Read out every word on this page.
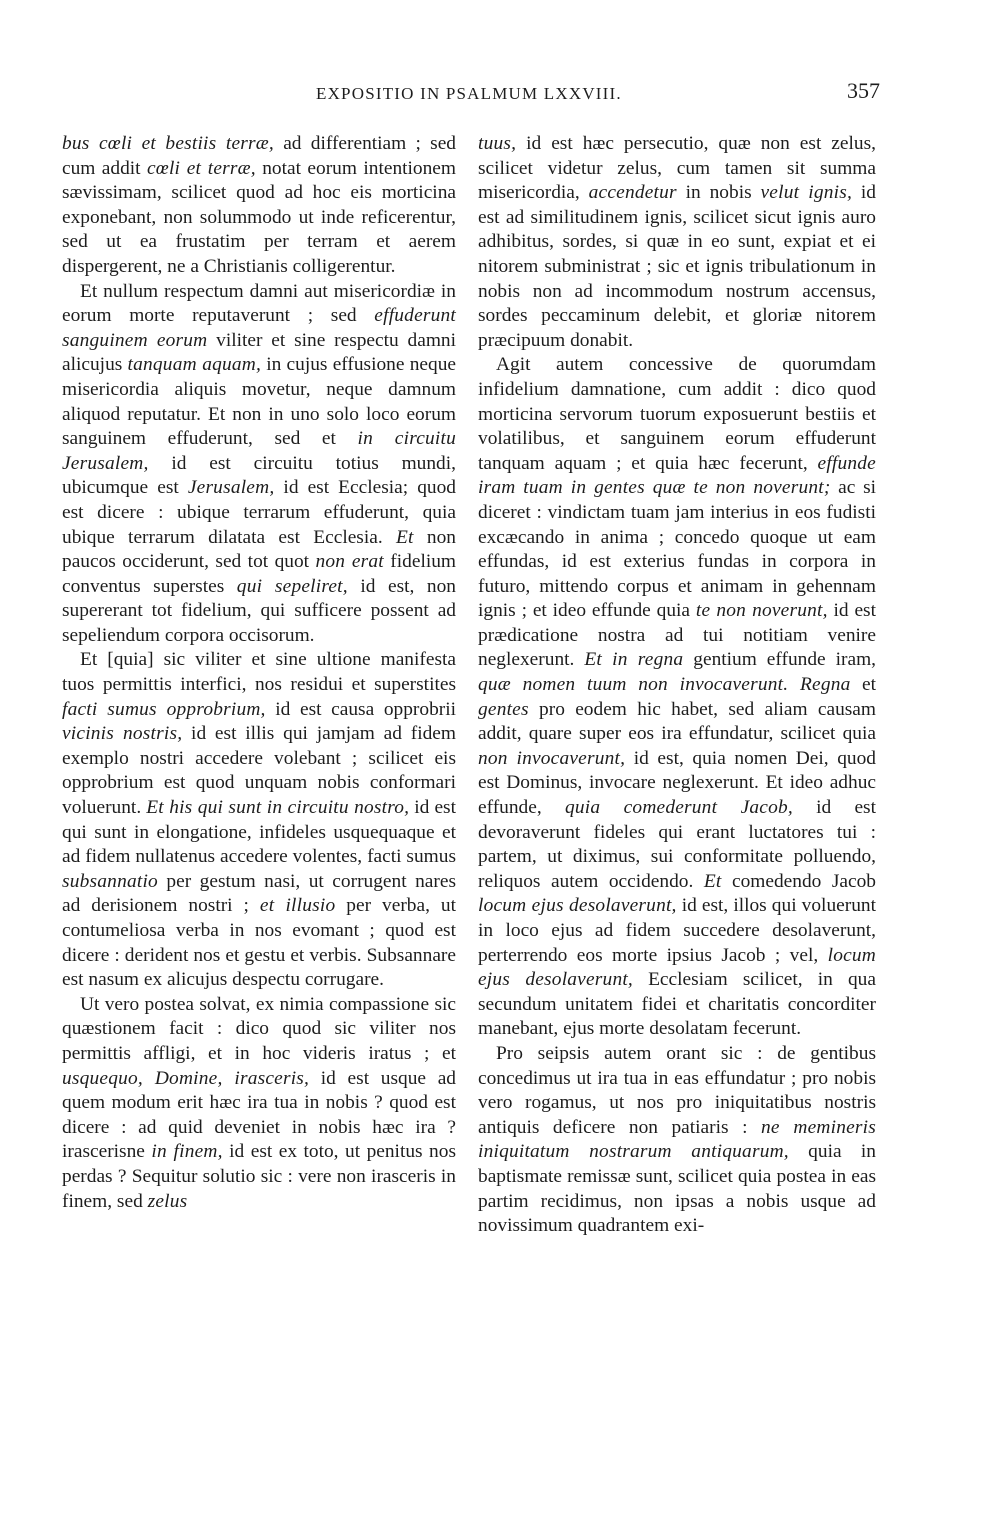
EXPOSITIO IN PSALMUM LXXVIII.	357

bus cœli et bestiis terræ, ad differentiam ; sed cum addit cœli et terræ, notat eorum intentionem sævissimam, scilicet quod ad hoc eis morticina exponebant, non solummodo ut inde reficerentur, sed ut ea frustatim per terram et aerem dispergerent, ne a Christianis colligerentur.

Et nullum respectum damni aut misericordiæ in eorum morte reputaverunt ; sed effuderunt sanguinem eorum viliter et sine respectu damni alicujus tanquam aquam, in cujus effusione neque misericordia aliquis movetur, neque damnum aliquod reputatur. Et non in uno solo loco eorum sanguinem effuderunt, sed et in circuitu Jerusalem, id est circuitu totius mundi, ubicumque est Jerusalem, id est Ecclesia; quod est dicere : ubique terrarum effuderunt, quia ubique terrarum dilatata est Ecclesia. Et non paucos occiderunt, sed tot quot non erat fidelium conventus superstes qui sepeliret, id est, non supererant tot fidelium, qui sufficere possent ad sepeliendum corpora occisorum.

Et [quia] sic viliter et sine ultione manifesta tuos permittis interfici, nos residui et superstites facti sumus opprobrium, id est causa opprobrii vicinis nostris, id est illis qui jamjam ad fidem exemplo nostri accedere volebant ; scilicet eis opprobrium est quod unquam nobis conformari voluerunt. Et his qui sunt in circuitu nostro, id est qui sunt in elongatione, infideles usquequaque et ad fidem nullatenus accedere volentes, facti sumus subsannatio per gestum nasi, ut corrugent nares ad derisionem nostri ; et illusio per verba, ut contumeliosa verba in nos evomant ; quod est dicere : derident nos et gestu et verbis. Subsannare est nasum ex alicujus despectu corrugare.

Ut vero postea solvat, ex nimia compassione sic quæstionem facit : dico quod sic viliter nos permittis affligi, et in hoc videris iratus ; et usquequo, Domine, irasceris, id est usque ad quem modum erit hæc ira tua in nobis ? quod est dicere : ad quid deveniet in nobis hæc ira ? irascerisne in finem, id est ex toto, ut penitus nos perdas ? Sequitur solutio sic : vere non irasceris in finem, sed zelus

tuus, id est hæc persecutio, quæ non est zelus, scilicet videtur zelus, cum tamen sit summa misericordia, accendetur in nobis velut ignis, id est ad similitudinem ignis, scilicet sicut ignis auro adhibitus, sordes, si quæ in eo sunt, expiat et ei nitorem subministrat ; sic et ignis tribulationum in nobis non ad incommodum nostrum accensus, sordes peccaminum delebit, et gloriæ nitorem præcipuum donabit.

Agit autem concessive de quorumdam infidelium damnatione, cum addit : dico quod morticina servorum tuorum exposuerunt bestiis et volatilibus, et sanguinem eorum effuderunt tanquam aquam ; et quia hæc fecerunt, effunde iram tuam in gentes quæ te non noverunt; ac si diceret : vindictam tuam jam interius in eos fudisti excæcando in anima ; concedo quoque ut eam effundas, id est exterius fundas in corpora in futuro, mittendo corpus et animam in gehennam ignis ; et ideo effunde quia te non noverunt, id est prædicatione nostra ad tui notitiam venire neglexerunt. Et in regna gentium effunde iram, quæ nomen tuum non invocaverunt. Regna et gentes pro eodem hic habet, sed aliam causam addit, quare super eos ira effundatur, scilicet quia non invocaverunt, id est, quia nomen Dei, quod est Dominus, invocare neglexerunt. Et ideo adhuc effunde, quia comederunt Jacob, id est devoraverunt fideles qui erant luctatores tui : partem, ut diximus, sui conformitate polluendo, reliquos autem occidendo. Et comedendo Jacob locum ejus desolaverunt, id est, illos qui voluerunt in loco ejus ad fidem succedere desolaverunt, perterrendo eos morte ipsius Jacob ; vel, locum ejus desolaverunt, Ecclesiam scilicet, in qua secundum unitatem fidei et charitatis concorditer manebant, ejus morte desolatam fecerunt.

Pro seipsis autem orant sic : de gentibus concedimus ut ira tua in eas effundatur ; pro nobis vero rogamus, ut nos pro iniquitatibus nostris antiquis deficere non patiaris : ne memineris iniquitatum nostrarum antiquarum, quia in baptismate remissæ sunt, scilicet quia postea in eas partim recidimus, non ipsas a nobis usque ad novissimum quadrantem exi-
